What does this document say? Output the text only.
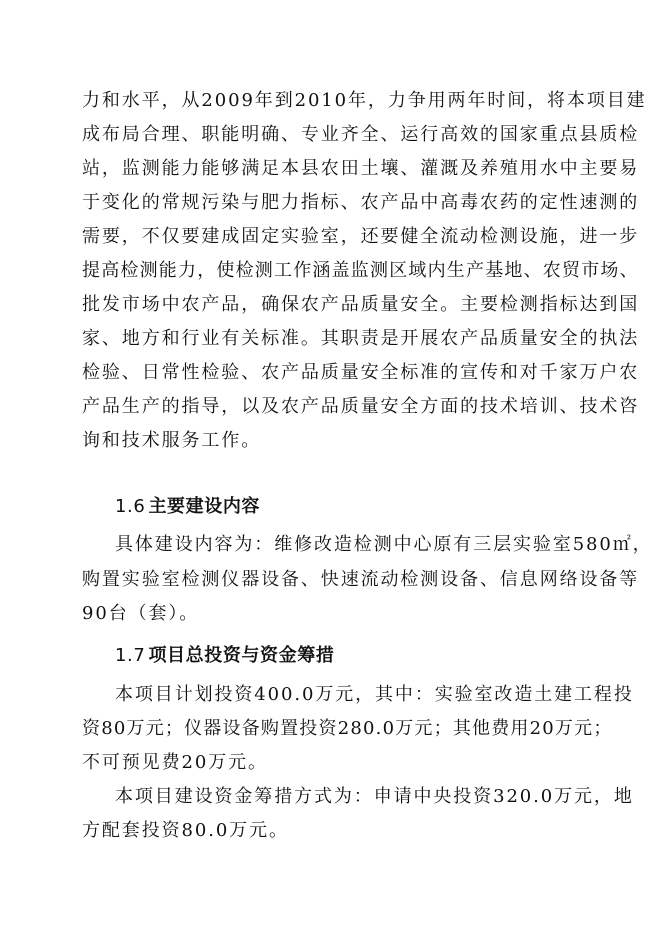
力和水平，从2009年到2010年，力争用两年时间，将本项目建
成布局合理、职能明确、专业齐全、运行高效的国家重点县质检
站，监测能力能够满足本县农田土壤、灌溉及养殖用水中主要易
于变化的常规污染与肥力指标、农产品中高毒农药的定性速测的
需要，不仅要建成固定实验室，还要健全流动检测设施，进一步
提高检测能力，使检测工作涵盖监测区域内生产基地、农贸市场、
批发市场中农产品，确保农产品质量安全。主要检测指标达到国
家、地方和行业有关标准。其职责是开展农产品质量安全的执法
检验、日常性检验、农产品质量安全标准的宣传和对千家万户农
产品生产的指导，以及农产品质量安全方面的技术培训、技术咨
询和技术服务工作。
1.6 主要建设内容
具体建设内容为：维修改造检测中心原有三层实验室580㎡，
购置实验室检测仪器设备、快速流动检测设备、信息网络设备等
90台（套）。
1.7 项目总投资与资金筹措
本项目计划投资400.0万元，其中：实验室改造土建工程投
资80万元；仪器设备购置投资280.0万元；其他费用20万元；
不可预见费20万元。
本项目建设资金筹措方式为：申请中央投资320.0万元，地
方配套投资80.0万元。
